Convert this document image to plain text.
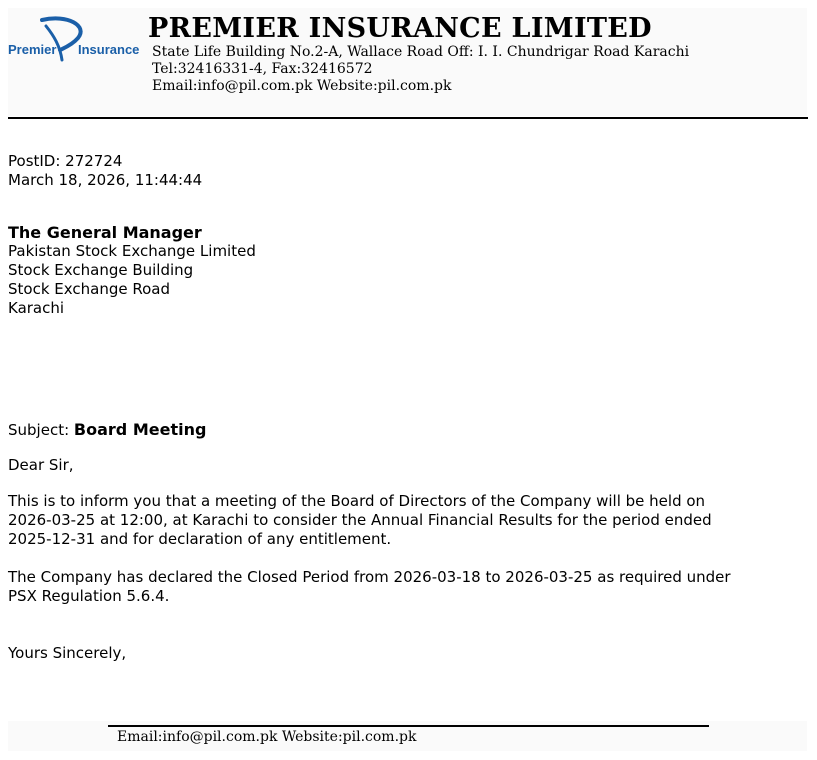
Premier Insurance
PREMIER INSURANCE LIMITED
State Life Building No.2-A, Wallace Road Off: I. I. Chundrigar Road Karachi
Tel:32416331-4, Fax:32416572
Email:info@pil.com.pk Website:pil.com.pk
PostID: 272724
March 18, 2026, 11:44:44
The General Manager
Pakistan Stock Exchange Limited
Stock Exchange Building
Stock Exchange Road
Karachi
Subject: Board Meeting
Dear Sir,
This is to inform you that a meeting of the Board of Directors of the Company will be held on
2026-03-25 at 12:00, at Karachi to consider the Annual Financial Results for the period ended
2025-12-31 and for declaration of any entitlement.
The Company has declared the Closed Period from 2026-03-18 to 2026-03-25 as required under
PSX Regulation 5.6.4.
Yours Sincerely,
Email:info@pil.com.pk Website:pil.com.pk
